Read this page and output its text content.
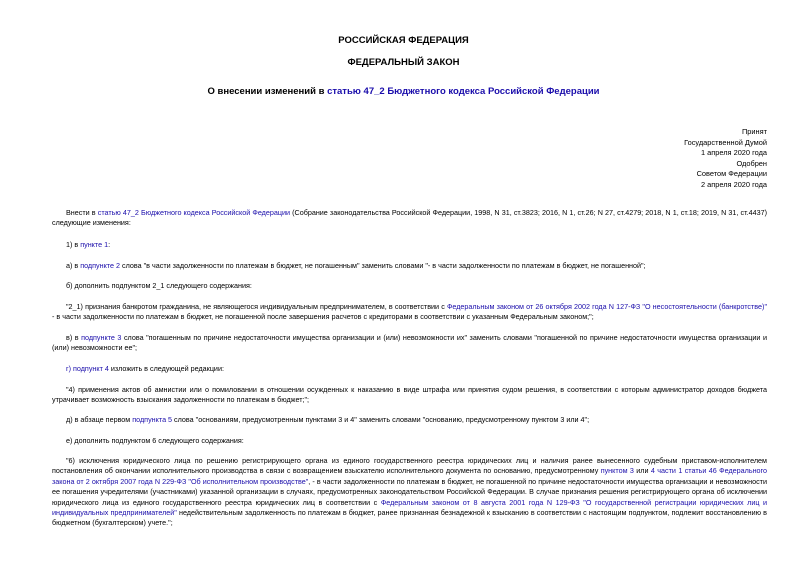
РОССИЙСКАЯ ФЕДЕРАЦИЯ
ФЕДЕРАЛЬНЫЙ ЗАКОН
О внесении изменений в статью 47_2 Бюджетного кодекса Российской Федерации
Принят
Государственной Думой
1 апреля 2020 года
Одобрен
Советом Федерации
2 апреля 2020 года
Внести в статью 47_2 Бюджетного кодекса Российской Федерации (Собрание законодательства Российской Федерации, 1998, N 31, ст.3823; 2016, N 1, ст.26; N 27, ст.4279; 2018, N 1, ст.18; 2019, N 31, ст.4437) следующие изменения:
1) в пункте 1:
а) в подпункте 2 слова "в части задолженности по платежам в бюджет, не погашенным" заменить словами "- в части задолженности по платежам в бюджет, не погашенной";
б) дополнить подпунктом 2_1 следующего содержания:
"2_1) признания банкротом гражданина, не являющегося индивидуальным предпринимателем, в соответствии с Федеральным законом от 26 октября 2002 года N 127-ФЗ "О несостоятельности (банкротстве)" - в части задолженности по платежам в бюджет, не погашенной после завершения расчетов с кредиторами в соответствии с указанным Федеральным законом;";
в) в подпункте 3 слова "погашенным по причине недостаточности имущества организации и (или) невозможности их" заменить словами "погашенной по причине недостаточности имущества организации и (или) невозможности ее";
г) подпункт 4 изложить в следующей редакции:
"4) применения актов об амнистии или о помиловании в отношении осужденных к наказанию в виде штрафа или принятия судом решения, в соответствии с которым администратор доходов бюджета утрачивает возможность взыскания задолженности по платежам в бюджет;";
д) в абзаце первом подпункта 5 слова "основаниям, предусмотренным пунктами 3 и 4" заменить словами "основанию, предусмотренному пунктом 3 или 4";
е) дополнить подпунктом 6 следующего содержания:
"6) исключения юридического лица по решению регистрирующего органа из единого государственного реестра юридических лиц и наличия ранее вынесенного судебным приставом-исполнителем постановления об окончании исполнительного производства в связи с возвращением взыскателю исполнительного документа по основанию, предусмотренному пунктом 3 или 4 части 1 статьи 46 Федерального закона от 2 октября 2007 года N 229-ФЗ "Об исполнительном производстве", - в части задолженности по платежам в бюджет, не погашенной по причине недостаточности имущества организации и невозможности ее погашения учредителями (участниками) указанной организации в случаях, предусмотренных законодательством Российской Федерации. В случае признания решения регистрирующего органа об исключении юридического лица из единого государственного реестра юридических лиц в соответствии с Федеральным законом от 8 августа 2001 года N 129-ФЗ "О государственной регистрации юридических лиц и индивидуальных предпринимателей" недействительным задолженность по платежам в бюджет, ранее признанная безнадежной к взысканию в соответствии с настоящим подпунктом, подлежит восстановлению в бюджетном (бухгалтерском) учете.";
